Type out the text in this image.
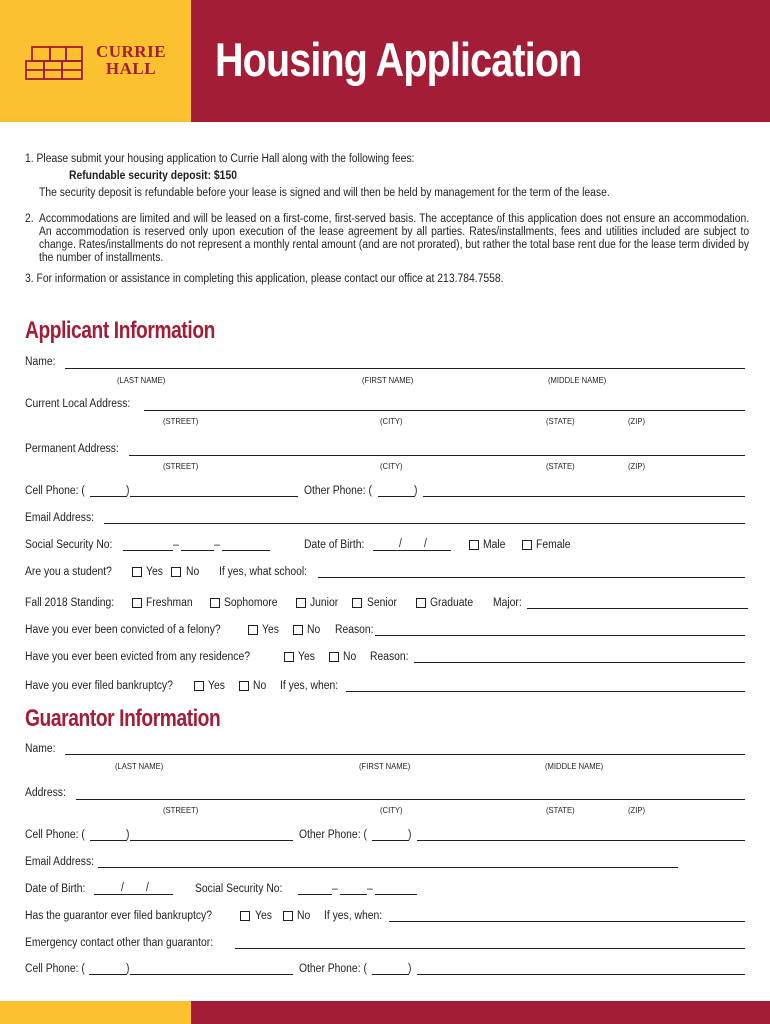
CURRIE
HALL	Housing Application
1. Please submit your housing application to Currie Hall along with the following fees:
Refundable security deposit: $150
The security deposit is refundable before your lease is signed and will then be held by management for the term of the lease.
2. Accommodations are limited and will be leased on a first-come, first-served basis. The acceptance of this application does not ensure an accommodation. An accommodation is reserved only upon execution of the lease agreement by all parties. Rates/installments, fees and utilities included are subject to change. Rates/installments do not represent a monthly rental amount (and are not prorated), but rather the total base rent due for the lease term divided by the number of installments.
3. For information or assistance in completing this application, please contact our office at 213.784.7558.
Applicant Information
Name:
(LAST NAME)	(FIRST NAME)	(MIDDLE NAME)
Current Local Address:
(STREET)	(CITY)	(STATE)	(ZIP)
Permanent Address:
(STREET)	(CITY)	(STATE)	(ZIP)
Cell Phone: (	)	Other Phone: (	)
Email Address:
Social Security No:	–	–	Date of Birth:	/ /	Male	Female
Are you a student?	Yes No If yes, what school:
Fall 2018 Standing:	Freshman	Sophomore	Junior	Senior	Graduate Major:
Have you ever been convicted of a felony?	Yes No Reason:
Have you ever been evicted from any residence?	Yes No Reason:
Have you ever filed bankruptcy?	Yes No If yes, when:
Guarantor Information
Name:
(LAST NAME)	(FIRST NAME)	(MIDDLE NAME)
Address:
(STREET)	(CITY)	(STATE)	(ZIP)
Cell Phone: (	)	Other Phone: (	)
Email Address:
Date of Birth:	/ /	Social Security No:	–	–
Has the guarantor ever filed bankruptcy?	Yes No If yes, when:
Emergency contact other than guarantor:
Cell Phone: (	)	Other Phone: (	)
